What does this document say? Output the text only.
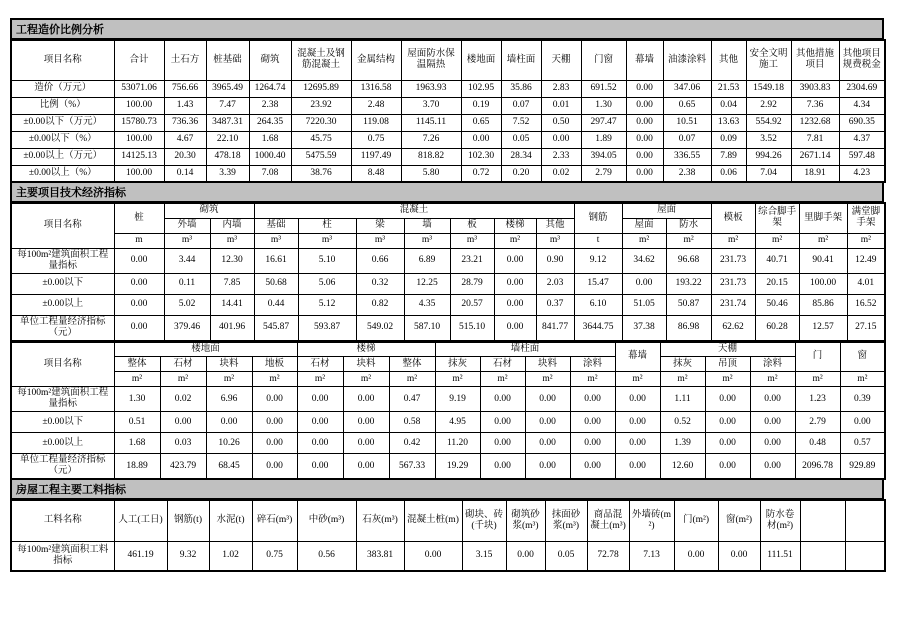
工程造价比例分析
项目名称	合计	土石方	桩基础	砌筑	混凝土及钢筋混凝土	金属结构	屋面防水保温隔热	楼地面	墙柱面	天棚	门窗	幕墙	油漆涂料	其他	安全文明施工	其他措施项目	其他项目规费税金
造价（万元）	53071.06	756.66	3965.49	1264.74	12695.89	1316.58	1963.93	102.95	35.86	2.83	691.52	0.00	347.06	21.53	1549.18	3903.83	2304.69
比例（%）	100.00	1.43	7.47	2.38	23.92	2.48	3.70	0.19	0.07	0.01	1.30	0.00	0.65	0.04	2.92	7.36	4.34
±0.00以下（万元）	15780.73	736.36	3487.31	264.35	7220.30	119.08	1145.11	0.65	7.52	0.50	297.47	0.00	10.51	13.63	554.92	1232.68	690.35
±0.00以下（%）	100.00	4.67	22.10	1.68	45.75	0.75	7.26	0.00	0.05	0.00	1.89	0.00	0.07	0.09	3.52	7.81	4.37
±0.00以上（万元）	14125.13	20.30	478.18	1000.40	5475.59	1197.49	818.82	102.30	28.34	2.33	394.05	0.00	336.55	7.89	994.26	2671.14	597.48
±0.00以上（%）	100.00	0.14	3.39	7.08	38.76	8.48	5.80	0.72	0.20	0.02	2.79	0.00	2.38	0.06	7.04	18.91	4.23
主要项目技术经济指标
项目名称	桩	砌筑		混凝土							钢筋	屋面		模板	综合脚手架	里脚手架	满堂脚手架
		外墙	内墙	基础	柱	梁	墙	板	楼梯	其他		屋面	防水				
	m	m³	m³	m³	m³	m³	m³	m³	m²	m³	t	m²	m²	m²	m²	m²	m²
每100m²建筑面积工程量指标	0.00	3.44	12.30	16.61	5.10	0.66	6.89	23.21	0.00	0.90	9.12	34.62	96.68	231.73	40.71	90.41	12.49
±0.00以下	0.00	0.11	7.85	50.68	5.06	0.32	12.25	28.79	0.00	2.03	15.47	0.00	193.22	231.73	20.15	100.00	4.01
±0.00以上	0.00	5.02	14.41	0.44	5.12	0.82	4.35	20.57	0.00	0.37	6.10	51.05	50.87	231.74	50.46	85.86	16.52
单位工程量经济指标（元）	0.00	379.46	401.96	545.87	593.87	549.02	587.10	515.10	0.00	841.77	3644.75	37.38	86.98	62.62	60.28	12.57	27.15
项目名称	楼地面				楼梯			墙柱面				幕墙	天棚			门	窗
	整体	石材	块料	地板	石材	块料	整体	抹灰	石材	块料	涂料		抹灰	吊顶	涂料		
	m²	m²	m²	m²	m²	m²	m²	m²	m²	m²	m²	m²	m²	m²	m²	m²	m²
每100m²建筑面积工程量指标	1.30	0.02	6.96	0.00	0.00	0.00	0.47	9.19	0.00	0.00	0.00	0.00	1.11	0.00	0.00	1.23	0.39
±0.00以下	0.51	0.00	0.00	0.00	0.00	0.00	0.58	4.95	0.00	0.00	0.00	0.00	0.52	0.00	0.00	2.79	0.00
±0.00以上	1.68	0.03	10.26	0.00	0.00	0.00	0.42	11.20	0.00	0.00	0.00	0.00	1.39	0.00	0.00	0.48	0.57
单位工程量经济指标（元）	18.89	423.79	68.45	0.00	0.00	0.00	567.33	19.29	0.00	0.00	0.00	0.00	12.60	0.00	0.00	2096.78	929.89
房屋工程主要工料指标
工料名称	人工(工日)	钢筋(t)	水泥(t)	碎石(m³)	中砂(m³)	石灰(m³)	混凝土桩(m)	砌块、砖(千块)	砌筑砂浆(m³)	抹面砂浆(m³)	商品混凝土(m³)	外墙砖(m²)	门(m²)	窗(m²)	防水卷材(m²)		
每100m²建筑面积工料指标	461.19	9.32	1.02	0.75	0.56	383.81	0.00	3.15	0.00	0.05	72.78	7.13	0.00	0.00	111.51		
